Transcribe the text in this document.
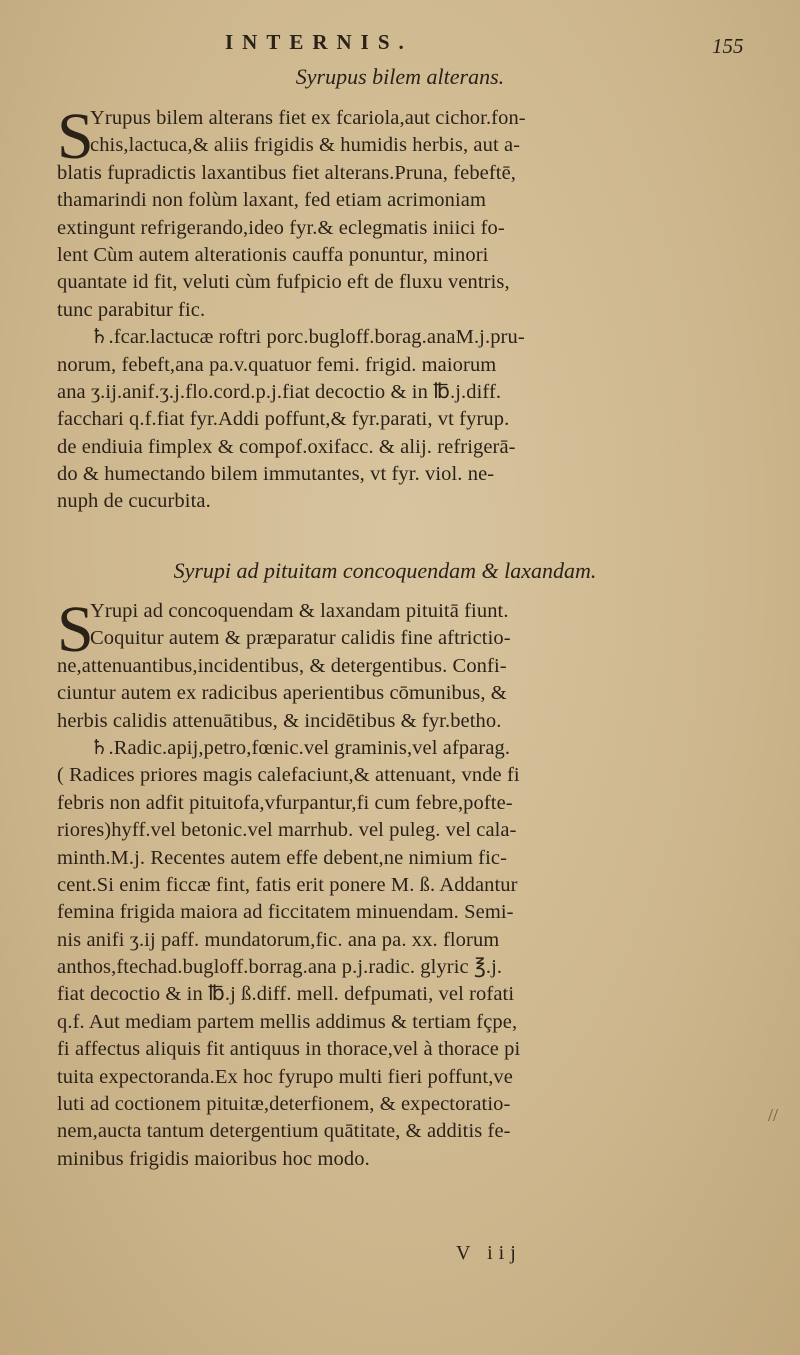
INTERNIS.	155
Syrupus bilem alterans.
S
Yrupus bilem alterans fiet ex fcariola,aut cichor.fon-
chis,lactuca,& aliis frigidis & humidis herbis, aut a-
blatis fupradictis laxantibus fiet alterans.Pruna, febeftē,
thamarindi non folùm laxant, fed etiam acrimoniam
extingunt refrigerando,ideo fyr.& eclegmatis iniici fo-
lent Cùm autem alterationis cauffa ponuntur, minori
quantate id fit, veluti cùm fufpicio eft de fluxu ventris,
tunc parabitur fic.
♄.fcar.lactucæ roftri porc.bugloff.borag.anaM.j.pru-
norum, febeft,ana pa.v.quatuor femi. frigid. maiorum
ana ʒ.ij.anif.ʒ.j.flo.cord.p.j.fiat decoctio & in ℔.j.diff.
facchari q.f.fiat fyr.Addi poffunt,& fyr.parati, vt fyrup.
de endiuia fimplex & compof.oxifacc. & alij. refrigerā-
do & humectando bilem immutantes, vt fyr. viol. ne-
nuph de cucurbita.
Syrupi ad pituitam concoquendam & laxandam.
S
Yrupi ad concoquendam & laxandam pituitā fiunt.
Coquitur autem & præparatur calidis fine aftrictio-
ne,attenuantibus,incidentibus, & detergentibus. Confi-
ciuntur autem ex radicibus aperientibus cōmunibus, &
herbis calidis attenuātibus, & incidētibus & fyr.betho.
♄.Radic.apij,petro,fœnic.vel graminis,vel afparag.
( Radices priores magis calefaciunt,& attenuant, vnde fi
febris non adfit pituitofa,vfurpantur,fi cum febre,pofte-
riores)hyff.vel betonic.vel marrhub. vel puleg. vel cala-
minth.M.j. Recentes autem effe debent,ne nimium fic-
cent.Si enim ficcæ fint, fatis erit ponere M. ß. Addantur
femina frigida maiora ad ficcitatem minuendam. Semi-
nis anifi ʒ.ij paff. mundatorum,fic. ana pa. xx. florum
anthos,ftechad.bugloff.borrag.ana p.j.radic. glyric ℥.j.
fiat decoctio & in ℔.j ß.diff. mell. defpumati, vel rofati
q.f. Aut mediam partem mellis addimus & tertiam fçpe,
fi affectus aliquis fit antiquus in thorace,vel à thorace pi
tuita expectoranda.Ex hoc fyrupo multi fieri poffunt,ve
luti ad coctionem pituitæ,deterfionem, & expectoratio-
nem,aucta tantum detergentium quātitate, & additis fe-
minibus frigidis maioribus hoc modo.
//
V iij
